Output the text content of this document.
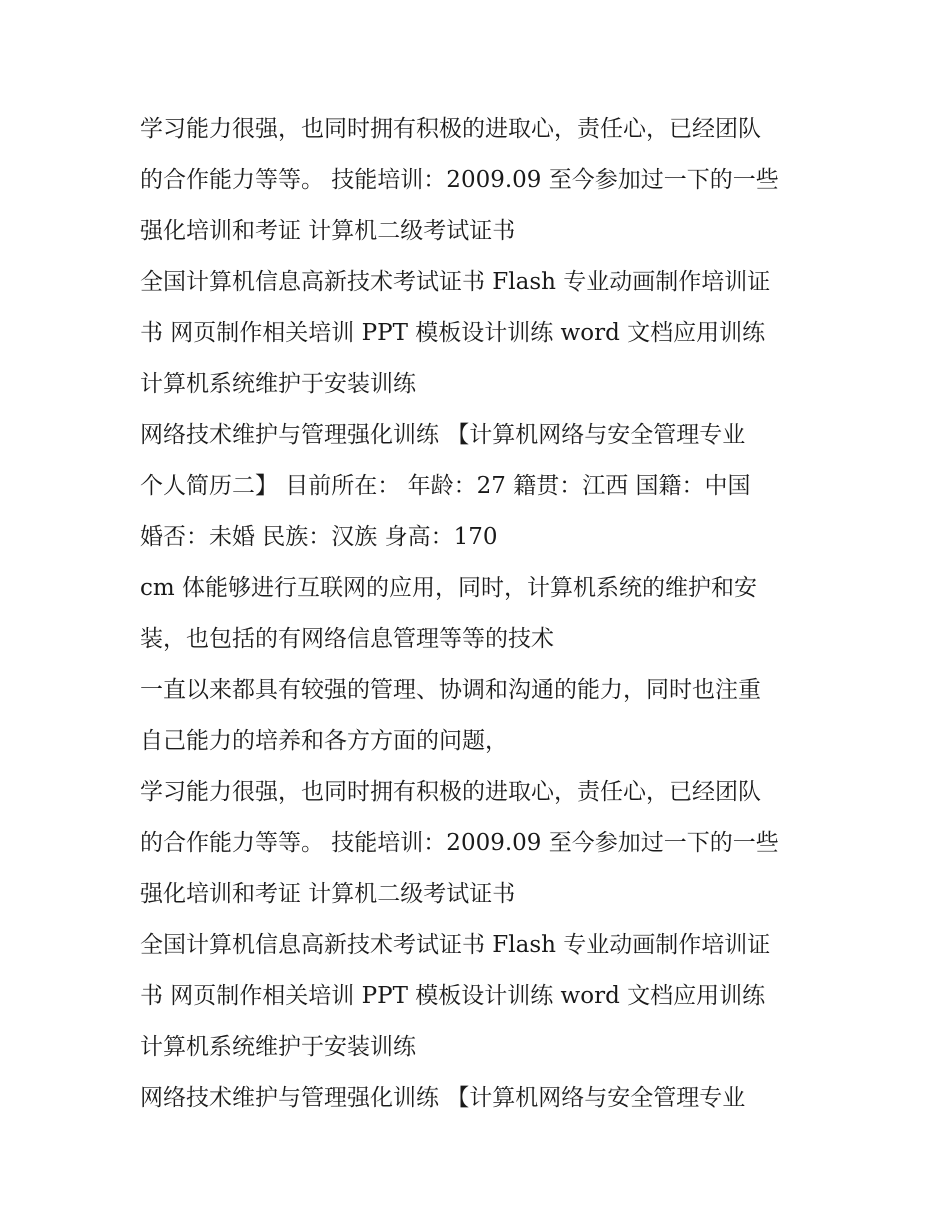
学习能力很强，也同时拥有积极的进取心，责任心，已经团队
的合作能力等等。 技能培训：2009.09 至今参加过一下的一些
强化培训和考证 计算机二级考试证书
全国计算机信息高新技术考试证书 Flash 专业动画制作培训证
书 网页制作相关培训 PPT 模板设计训练 word 文档应用训练
计算机系统维护于安装训练
网络技术维护与管理强化训练 【计算机网络与安全管理专业
个人简历二】 目前所在： 年龄：27 籍贯：江西 国籍：中国
婚否：未婚 民族：汉族 身高：170
cm 体能够进行互联网的应用，同时，计算机系统的维护和安
装，也包括的有网络信息管理等等的技术
一直以来都具有较强的管理、协调和沟通的能力，同时也注重
自己能力的培养和各方方面的问题，
学习能力很强，也同时拥有积极的进取心，责任心，已经团队
的合作能力等等。 技能培训：2009.09 至今参加过一下的一些
强化培训和考证 计算机二级考试证书
全国计算机信息高新技术考试证书 Flash 专业动画制作培训证
书 网页制作相关培训 PPT 模板设计训练 word 文档应用训练
计算机系统维护于安装训练
网络技术维护与管理强化训练 【计算机网络与安全管理专业
